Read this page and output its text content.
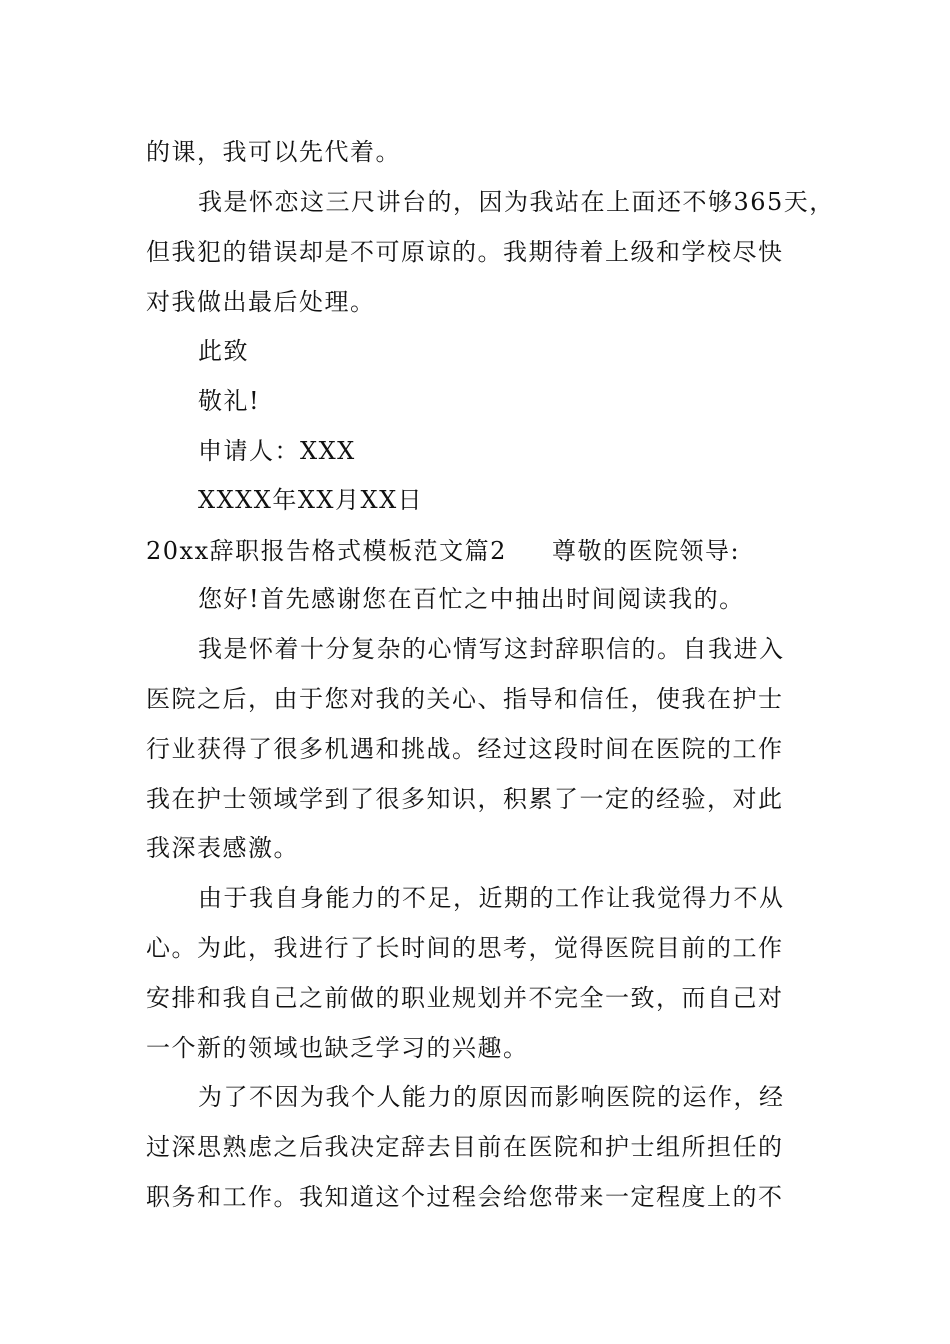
的课，我可以先代着。
我是怀恋这三尺讲台的，因为我站在上面还不够365天，
但我犯的错误却是不可原谅的。我期待着上级和学校尽快
对我做出最后处理。
此致
敬礼!
申请人：XXX
XXXX年XX月XX日
20xx辞职报告格式模板范文篇2 尊敬的医院领导:
您好!首先感谢您在百忙之中抽出时间阅读我的。
我是怀着十分复杂的心情写这封辞职信的。自我进入
医院之后，由于您对我的关心、指导和信任，使我在护士
行业获得了很多机遇和挑战。经过这段时间在医院的工作
我在护士领域学到了很多知识，积累了一定的经验，对此
我深表感激。
由于我自身能力的不足，近期的工作让我觉得力不从
心。为此，我进行了长时间的思考，觉得医院目前的工作
安排和我自己之前做的职业规划并不完全一致，而自己对
一个新的领域也缺乏学习的兴趣。
为了不因为我个人能力的原因而影响医院的运作，经
过深思熟虑之后我决定辞去目前在医院和护士组所担任的
职务和工作。我知道这个过程会给您带来一定程度上的不
